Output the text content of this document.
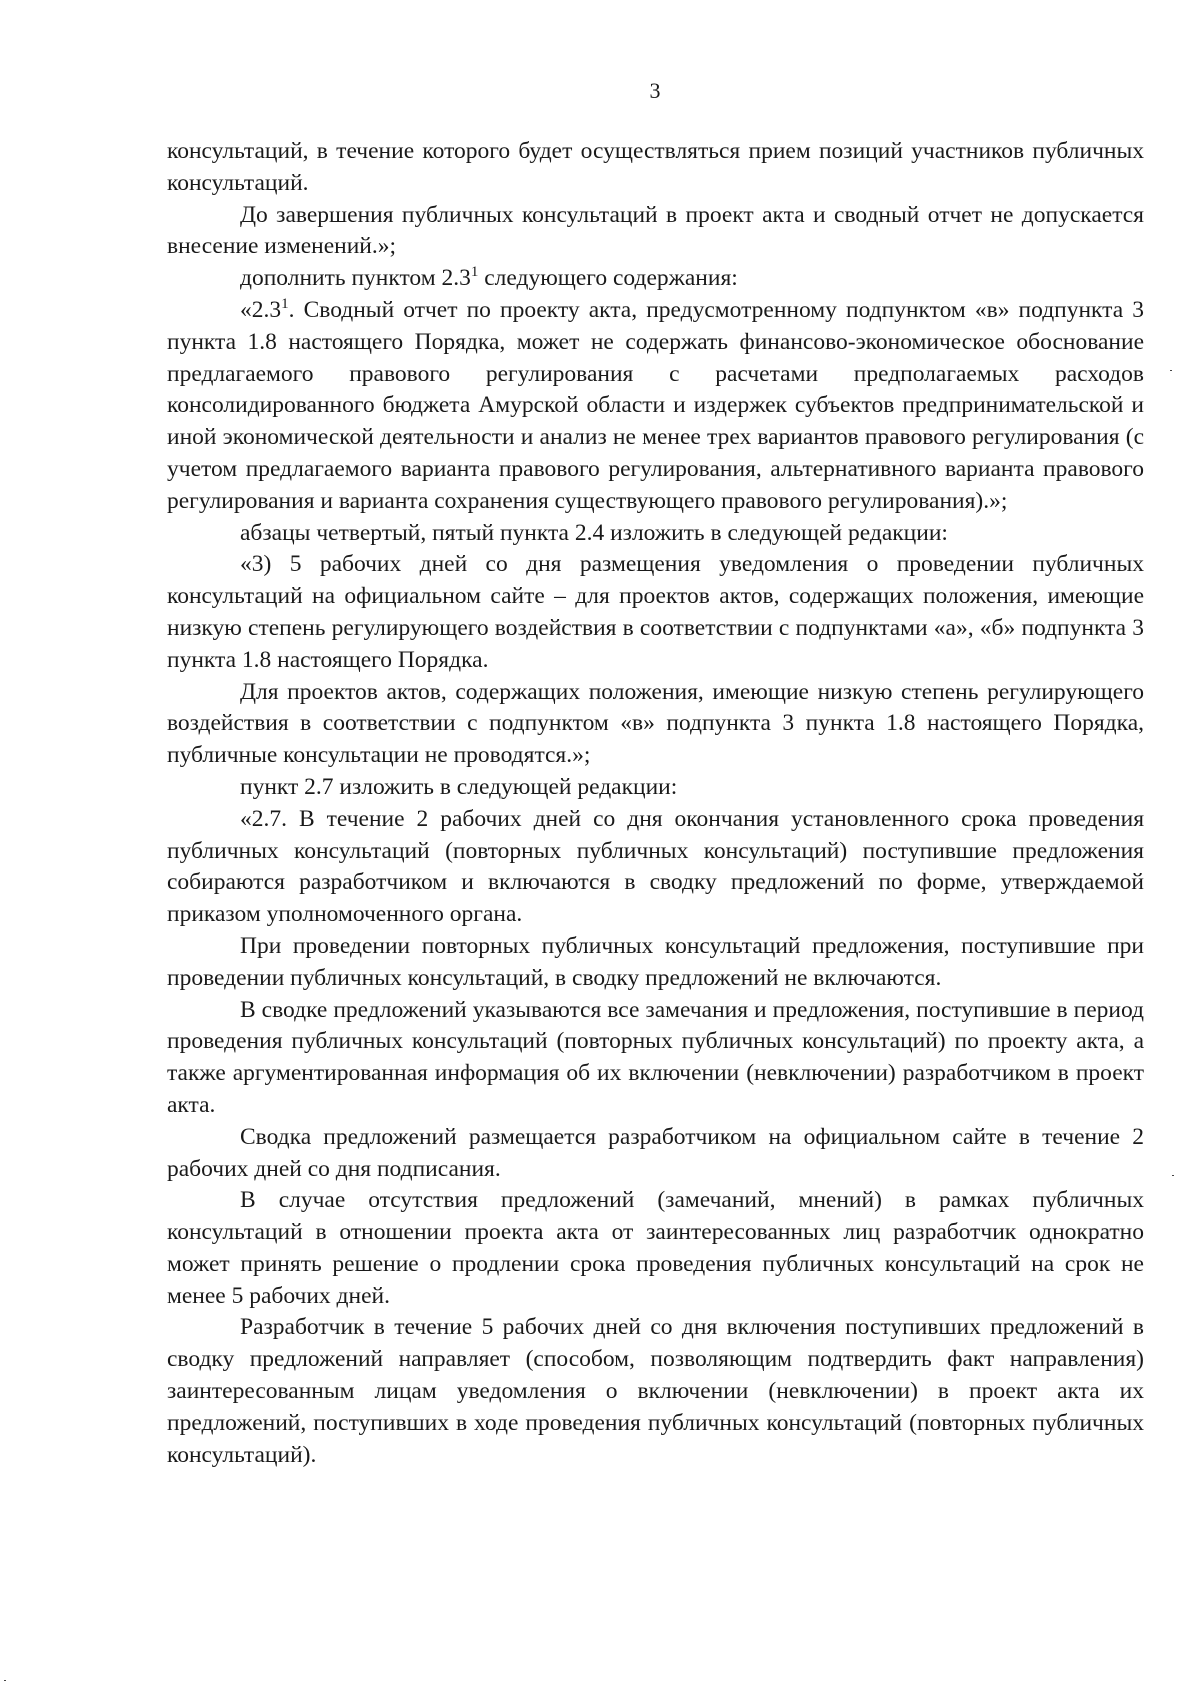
3

консультаций, в течение которого будет осуществляться прием позиций участников публичных консультаций.

До завершения публичных консультаций в проект акта и сводный отчет не допускается внесение изменений.»;

дополнить пунктом $2.3^1$ следующего содержания:

«$2.3^1$. Сводный отчет по проекту акта, предусмотренному подпунктом «в» подпункта 3 пункта 1.8 настоящего Порядка, может не содержать финансово-экономическое обоснование предлагаемого правового регулирования с расчетами предполагаемых расходов консолидированного бюджета Амурской области и издержек субъектов предпринимательской и иной экономической деятельности и анализ не менее трех вариантов правового регулирования (с учетом предлагаемого варианта правового регулирования, альтернативного варианта правового регулирования и варианта сохранения существующего правового регулирования).»;

абзацы четвертый, пятый пункта 2.4 изложить в следующей редакции:

«3) 5 рабочих дней со дня размещения уведомления о проведении публичных консультаций на официальном сайте – для проектов актов, содержащих положения, имеющие низкую степень регулирующего воздействия в соответствии с подпунктами «а», «б» подпункта 3 пункта 1.8 настоящего Порядка.

Для проектов актов, содержащих положения, имеющие низкую степень регулирующего воздействия в соответствии с подпунктом «в» подпункта 3 пункта 1.8 настоящего Порядка, публичные консультации не проводятся.»;

пункт 2.7 изложить в следующей редакции:

«2.7. В течение 2 рабочих дней со дня окончания установленного срока проведения публичных консультаций (повторных публичных консультаций) поступившие предложения собираются разработчиком и включаются в сводку предложений по форме, утверждаемой приказом уполномоченного органа.

При проведении повторных публичных консультаций предложения, поступившие при проведении публичных консультаций, в сводку предложений не включаются.

В сводке предложений указываются все замечания и предложения, поступившие в период проведения публичных консультаций (повторных публичных консультаций) по проекту акта, а также аргументированная информация об их включении (невключении) разработчиком в проект акта.

Сводка предложений размещается разработчиком на официальном сайте в течение 2 рабочих дней со дня подписания.

В случае отсутствия предложений (замечаний, мнений) в рамках публичных консультаций в отношении проекта акта от заинтересованных лиц разработчик однократно может принять решение о продлении срока проведения публичных консультаций на срок не менее 5 рабочих дней.

Разработчик в течение 5 рабочих дней со дня включения поступивших предложений в сводку предложений направляет (способом, позволяющим подтвердить факт направления) заинтересованным лицам уведомления о включении (невключении) в проект акта их предложений, поступивших в ходе проведения публичных консультаций (повторных публичных консультаций).
